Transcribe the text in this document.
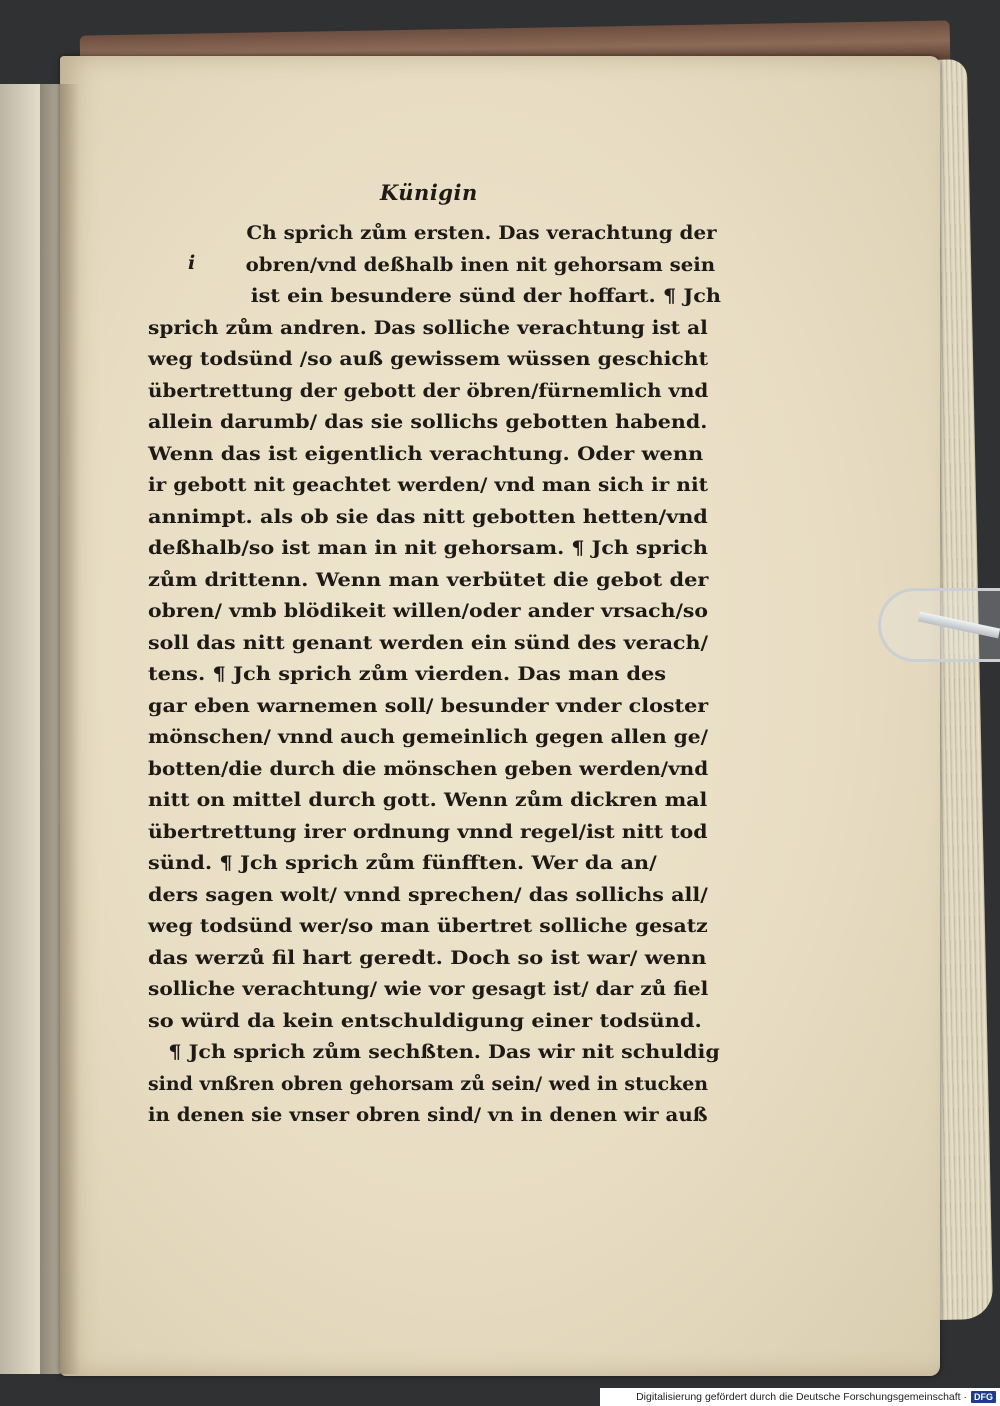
Künigin
i
Ch sprich zům ersten. Das verachtung der
obren/vnd deßhalb inen nit gehorsam sein
ist ein besundere sünd der hoffart. ¶ Jch
sprich zům andren. Das solliche verachtung ist al
weg todsünd /so auß gewissem wüssen geschicht
übertrettung der gebott der öbren/fürnemlich vnd
allein darumb/ das sie sollichs gebotten habend.
Wenn das ist eigentlich verachtung. Oder wenn
ir gebott nit geachtet werden/ vnd man sich ir nit
annimpt. als ob sie das nitt gebotten hetten/vnd
deßhalb/so ist man in nit gehorsam. ¶ Jch sprich
zům drittenn. Wenn man verbütet die gebot der
obren/ vmb blödikeit willen/oder ander vrsach/so
soll das nitt genant werden ein sünd des verach/
tens. ¶ Jch sprich zům vierden. Das man des
gar eben warnemen soll/ besunder vnder closter
mönschen/ vnnd auch gemeinlich gegen allen ge/
botten/die durch die mönschen geben werden/vnd
nitt on mittel durch gott. Wenn zům dickren mal
übertrettung irer ordnung vnnd regel/ist nitt tod
sünd. ¶ Jch sprich zům fünfften. Wer da an/
ders sagen wolt/ vnnd sprechen/ das sollichs all/
weg todsünd wer/so man übertret solliche gesatz
das werzů fil hart geredt. Doch so ist war/ wenn
solliche verachtung/ wie vor gesagt ist/ dar zů fiel
so würd da kein entschuldigung einer todsünd.
¶ Jch sprich zům sechßten. Das wir nit schuldig
sind vnßren obren gehorsam zů sein/ wed in stucken
in denen sie vnser obren sind/ vn in denen wir auß
Digitalisierung gefördert durch die Deutsche Forschungsgemeinschaft · DFG
